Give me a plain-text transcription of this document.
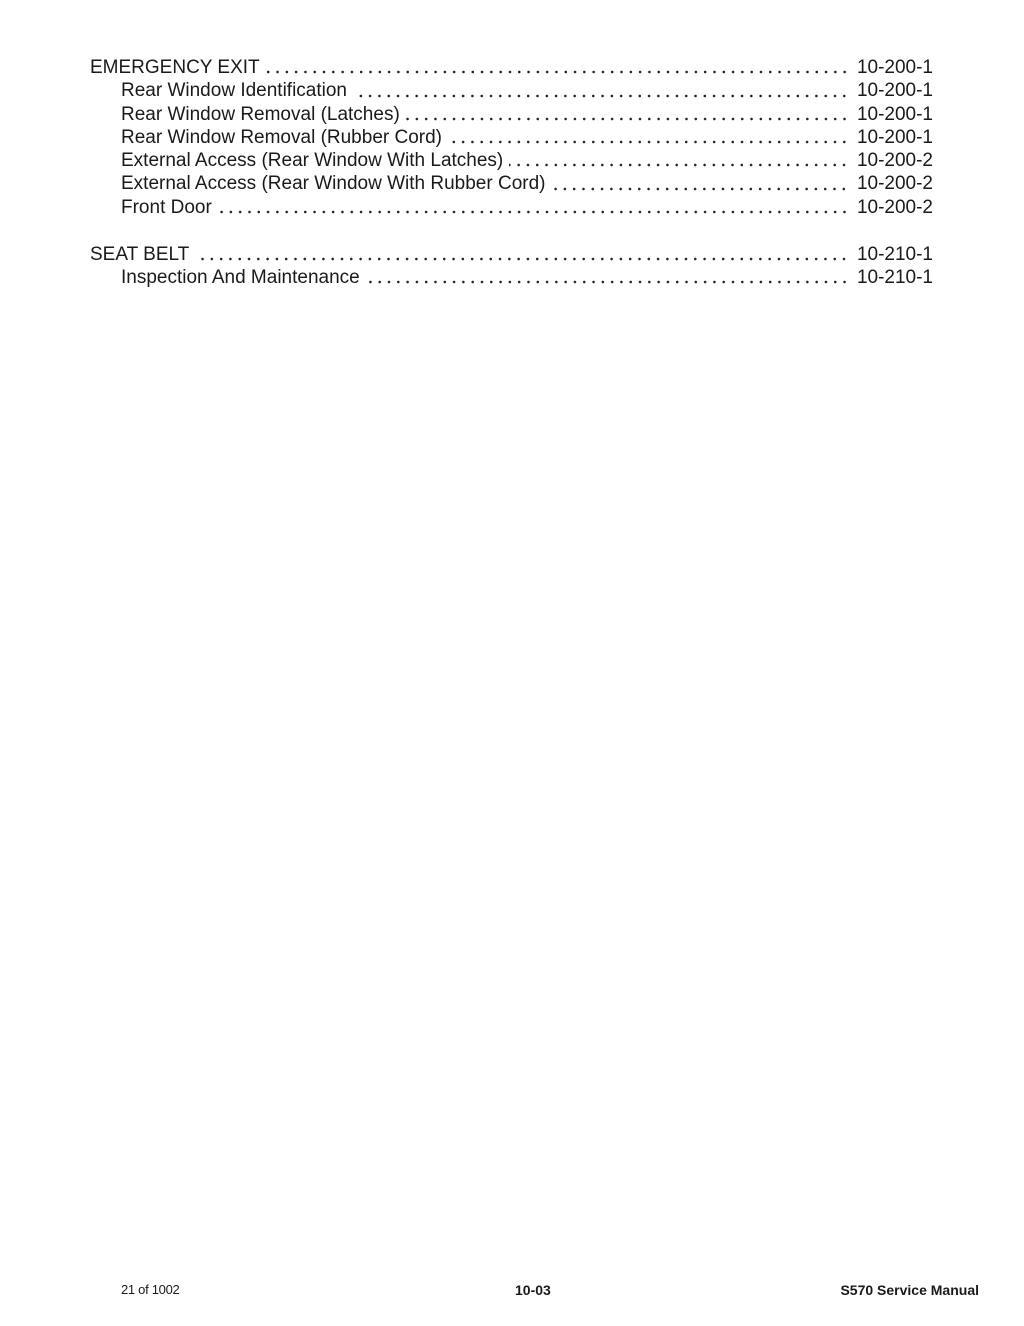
EMERGENCY EXIT	10-200-1
Rear Window Identification	10-200-1
Rear Window Removal (Latches)	10-200-1
Rear Window Removal (Rubber Cord)	10-200-1
External Access (Rear Window With Latches)	10-200-2
External Access (Rear Window With Rubber Cord)	10-200-2
Front Door	10-200-2
SEAT BELT	10-210-1
Inspection And Maintenance	10-210-1
21 of 1002	10-03	S570 Service Manual
